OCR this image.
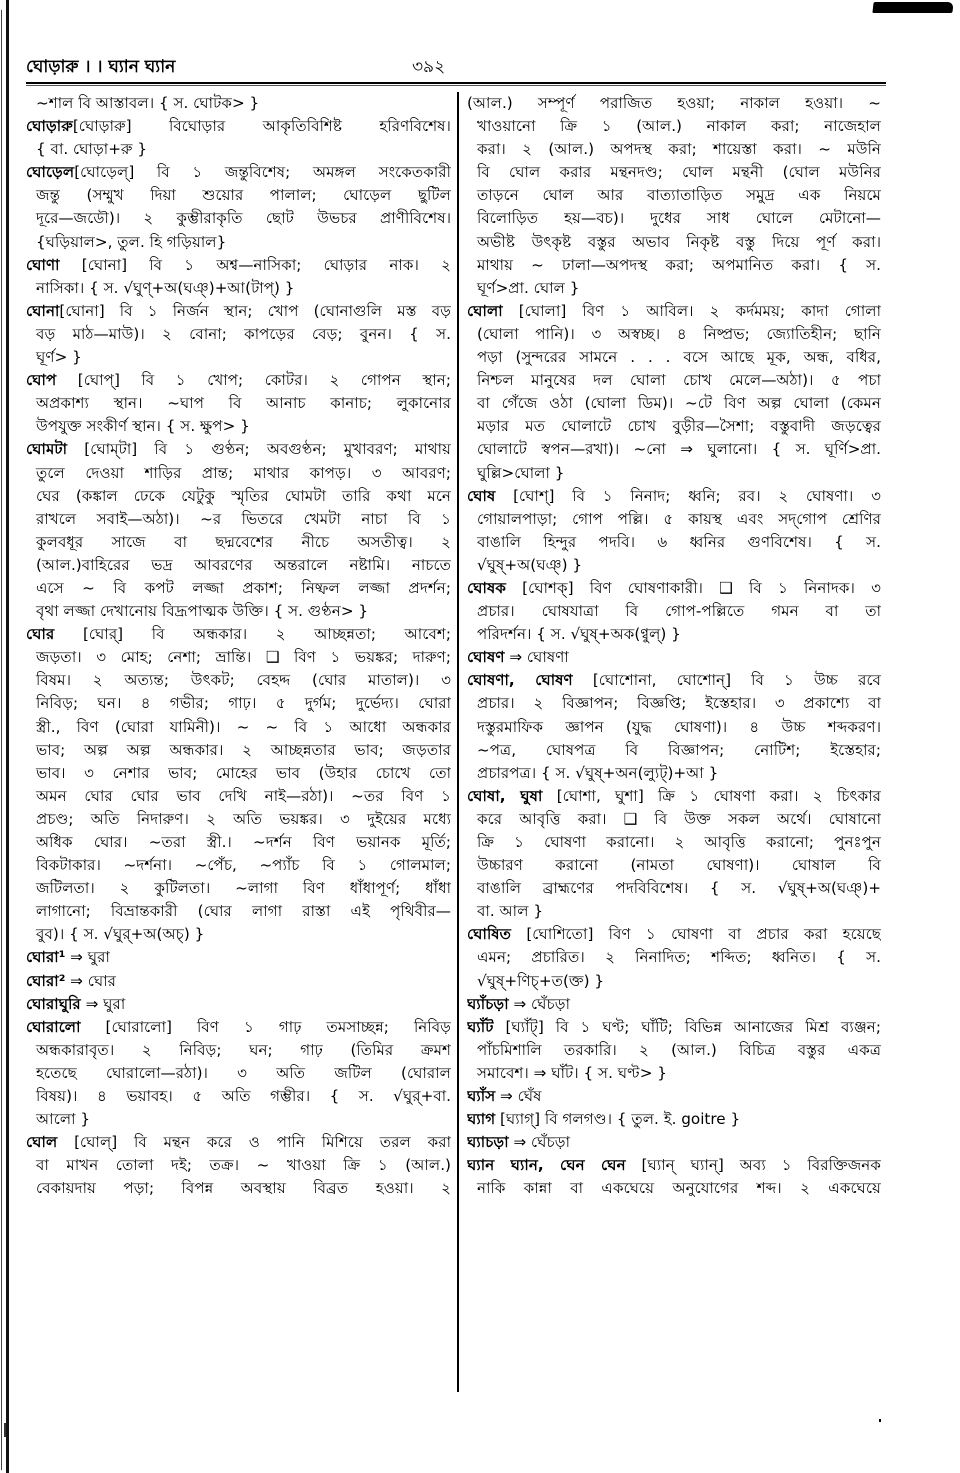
ঘোড়ারু । । ঘ্যান ঘ্যান	৩৯২
~শাল বি আস্তাবল। { স. ঘোটক> }
ঘোড়ারু[ঘোড়ারু] বিঘোড়ার আকৃতিবিশিষ্ট হরিণবিশেষ।
{ বা. ঘোড়া+রু }
ঘোড়েল[ঘোড়েল্] বি ১ জন্তুবিশেষ; অমঙ্গল সংকেতকারী
জন্তু (সম্মুখ দিয়া শুয়োর পালাল; ঘোড়েল ছুটিল
দূরে—জডৌ)। ২ কুম্ভীরাকৃতি ছোট উভচর প্রাণীবিশেষ।
{ঘড়িয়াল>, তুল. হি গড়িয়াল}
ঘোণা [ঘোনা] বি ১ অশ্ব—নাসিকা; ঘোড়ার নাক। ২
নাসিকা। { স. √ঘুণ্+অ(ঘঞ্)+আ(টাপ্) }
ঘোনা[ঘোনা] বি ১ নির্জন স্থান; খোপ (ঘোনাগুলি মস্ত বড়
বড় মাঠ—মাউ)। ২ বোনা; কাপড়ের বেড়; বুনন। { স.
ঘূর্ণ> }
ঘোপ [ঘোপ্] বি ১ খোপ; কোটর। ২ গোপন স্থান;
অপ্রকাশ্য স্থান। ~ঘাপ বি আনাচ কানাচ; লুকানোর
উপযুক্ত সংকীর্ণ স্থান। { স. ক্ষুপ> }
ঘোমটা [ঘোম্‌টা] বি ১ গুণ্ঠন; অবগুণ্ঠন; মুখাবরণ; মাথায়
তুলে দেওয়া শাড়ির প্রান্ত; মাথার কাপড়। ৩ আবরণ;
ঘের (কঙ্কাল ঢেকে যেটুকু স্মৃতির ঘোমটা তারি কথা মনে
রাখলে সবাই—অঠা)। ~র ভিতরে খেমটা নাচা বি ১
কুলবধূর সাজে বা ছদ্মবেশের নীচে অসতীত্ব। ২
(আল.)বাহিরের ভদ্র আবরণের অন্তরালে নষ্টামি। নাচতে
এসে ~ বি কপট লজ্জা প্রকাশ; নিষ্ফল লজ্জা প্রদর্শন;
বৃথা লজ্জা দেখানোয় বিদ্রূপাত্মক উক্তি। { স. গুণ্ঠন> }
ঘোর [ঘোর্] বি অন্ধকার। ২ আচ্ছন্নতা; আবেশ;
জড়তা। ৩ মোহ; নেশা; ভ্রান্তি। ❑ বিণ ১ ভয়ঙ্কর; দারুণ;
বিষম। ২ অত্যন্ত; উৎকট; বেহদ্দ (ঘোর মাতাল)। ৩
নিবিড়; ঘন। ৪ গভীর; গাঢ়। ৫ দুর্গম; দুর্ভেদ্য। ঘোরা
স্ত্রী., বিণ (ঘোরা যামিনী)। ~ ~ বি ১ আধো অন্ধকার
ভাব; অল্প অল্প অন্ধকার। ২ আচ্ছন্নতার ভাব; জড়তার
ভাব। ৩ নেশার ভাব; মোহের ভাব (উহার চোখে তো
অমন ঘোর ঘোর ভাব দেখি নাই—রঠা)। ~তর বিণ ১
প্রচণ্ড; অতি নিদারুণ। ২ অতি ভয়ঙ্কর। ৩ দুইয়ের মধ্যে
অধিক ঘোর। ~তরা স্ত্রী.। ~দর্শন বিণ ভয়ানক মূর্তি;
বিকটাকার। ~দর্শনা। ~পেঁচ, ~প্যাঁচ বি ১ গোলমাল;
জটিলতা। ২ কুটিলতা। ~লাগা বিণ ধাঁধাপূর্ণ; ধাঁধা
লাগানো; বিভ্রান্তকারী (ঘোর লাগা রাস্তা এই পৃথিবীর—
বুব)। { স. √ঘুর্+অ(অচ্) }
ঘোরা¹ ⇒ ঘুরা
ঘোরা² ⇒ ঘোর
ঘোরাঘুরি ⇒ ঘুরা
ঘোরালো [ঘোরালো] বিণ ১ গাঢ় তমসাচ্ছন্ন; নিবিড়
অন্ধকারাবৃত। ২ নিবিড়; ঘন; গাঢ় (তিমির ক্রমশ
হতেছে ঘোরালো—রঠা)। ৩ অতি জটিল (ঘোরাল
বিষয়)। ৪ ভয়াবহ। ৫ অতি গম্ভীর। { স. √ঘুর্+বা.
আলো }
ঘোল [ঘোল্] বি মন্থন করে ও পানি মিশিয়ে তরল করা
বা মাখন তোলা দই; তক্র। ~ খাওয়া ক্রি ১ (আল.)
বেকায়দায় পড়া; বিপন্ন অবস্থায় বিব্রত হওয়া। ২
(আল.) সম্পূর্ণ পরাজিত হওয়া; নাকাল হওয়া। ~
খাওয়ানো ক্রি ১ (আল.) নাকাল করা; নাজেহাল
করা। ২ (আল.) অপদস্থ করা; শায়েস্তা করা। ~ মউনি
বি ঘোল করার মন্থনদণ্ড; ঘোল মন্থনী (ঘোল মউনির
তাড়নে ঘোল আর বাত্যাতাড়িত সমুদ্র এক নিয়মে
বিলোড়িত হয়—বচ)। দুধের সাধ ঘোলে মেটানো—
অভীষ্ট উৎকৃষ্ট বস্তুর অভাব নিকৃষ্ট বস্তু দিয়ে পূর্ণ করা।
মাথায় ~ ঢালা—অপদস্থ করা; অপমানিত করা। { স.
ঘূর্ণ>প্রা. ঘোল }
ঘোলা [ঘোলা] বিণ ১ আবিল। ২ কর্দমময়; কাদা গোলা
(ঘোলা পানি)। ৩ অস্বচ্ছ। ৪ নিষ্প্রভ; জ্যোতিহীন; ছানি
পড়া (সুন্দরের সামনে . . . বসে আছে মূক, অন্ধ, বধির,
নিশ্চল মানুষের দল ঘোলা চোখ মেলে—অঠা)। ৫ পচা
বা গেঁজে ওঠা (ঘোলা ডিম)। ~টে বিণ অল্প ঘোলা (কেমন
মড়ার মত ঘোলাটে চোখ বুড়ীর—সৈশা; বস্তুবাদী জড়ত্বের
ঘোলাটে স্বপন—রখা)। ~নো ⇒ ঘুলানো। { স. ঘূর্ণি>প্রা.
ঘুল্লি>ঘোলা }
ঘোষ [ঘোশ্] বি ১ নিনাদ; ধ্বনি; রব। ২ ঘোষণা। ৩
গোয়ালপাড়া; গোপ পল্লি। ৫ কায়স্থ এবং সদ্‌গোপ শ্রেণির
বাঙালি হিন্দুর পদবি। ৬ ধ্বনির গুণবিশেষ। { স.
√ঘুষ্+অ(ঘঞ্) }
ঘোষক [ঘোশক্] বিণ ঘোষণাকারী। ❑ বি ১ নিনাদক। ৩
প্রচার। ঘোষযাত্রা বি গোপ-পল্লিতে গমন বা তা
পরিদর্শন। { স. √ঘুষ্+অক(ণ্বুল্) }
ঘোষণ ⇒ ঘোষণা
ঘোষণা, ঘোষণ [ঘোশোনা, ঘোশোন্] বি ১ উচ্চ রবে
প্রচার। ২ বিজ্ঞাপন; বিজ্ঞপ্তি; ইস্তেহার। ৩ প্রকাশ্যে বা
দস্তুরমাফিক জ্ঞাপন (যুদ্ধ ঘোষণা)। ৪ উচ্চ শব্দকরণ।
~পত্র, ঘোষপত্র বি বিজ্ঞাপন; নোটিশ; ইস্তেহার;
প্রচারপত্র। { স. √ঘুষ্+অন(ল্যুট্)+আ }
ঘোষা, ঘুষা [ঘোশা, ঘুশা] ক্রি ১ ঘোষণা করা। ২ চিৎকার
করে আবৃত্তি করা। ❑ বি উক্ত সকল অর্থে। ঘোষানো
ক্রি ১ ঘোষণা করানো। ২ আবৃত্তি করানো; পুনঃপুন
উচ্চারণ করানো (নামতা ঘোষণা)। ঘোষাল বি
বাঙালি ব্রাহ্মণের পদবিবিশেষ। { স. √ঘুষ্+অ(ঘঞ্)+
বা. আল }
ঘোষিত [ঘোশিতো] বিণ ১ ঘোষণা বা প্রচার করা হয়েছে
এমন; প্রচারিত। ২ নিনাদিত; শব্দিত; ধ্বনিত। { স.
√ঘুষ্+ণিচ্+ত(ক্ত) }
ঘ্যাঁচড়া ⇒ ঘেঁচড়া
ঘ্যাঁট [ঘ্যাঁট্] বি ১ ঘণ্ট; ঘাঁটি; বিভিন্ন আনাজের মিশ্র ব্যঞ্জন;
পাঁচমিশালি তরকারি। ২ (আল.) বিচিত্র বস্তুর একত্র
সমাবেশ। ⇒ ঘাঁট। { স. ঘণ্ট> }
ঘ্যাঁস ⇒ ঘেঁষ
ঘ্যাগ [ঘ্যাগ্] বি গলগণ্ড। { তুল. ই. goitre }
ঘ্যাচড়া ⇒ ঘেঁচড়া
ঘ্যান ঘ্যান, ঘেন ঘেন [ঘ্যান্ ঘ্যান্] অব্য ১ বিরক্তিজনক
নাকি কান্না বা একঘেয়ে অনুযোগের শব্দ। ২ একঘেয়ে
